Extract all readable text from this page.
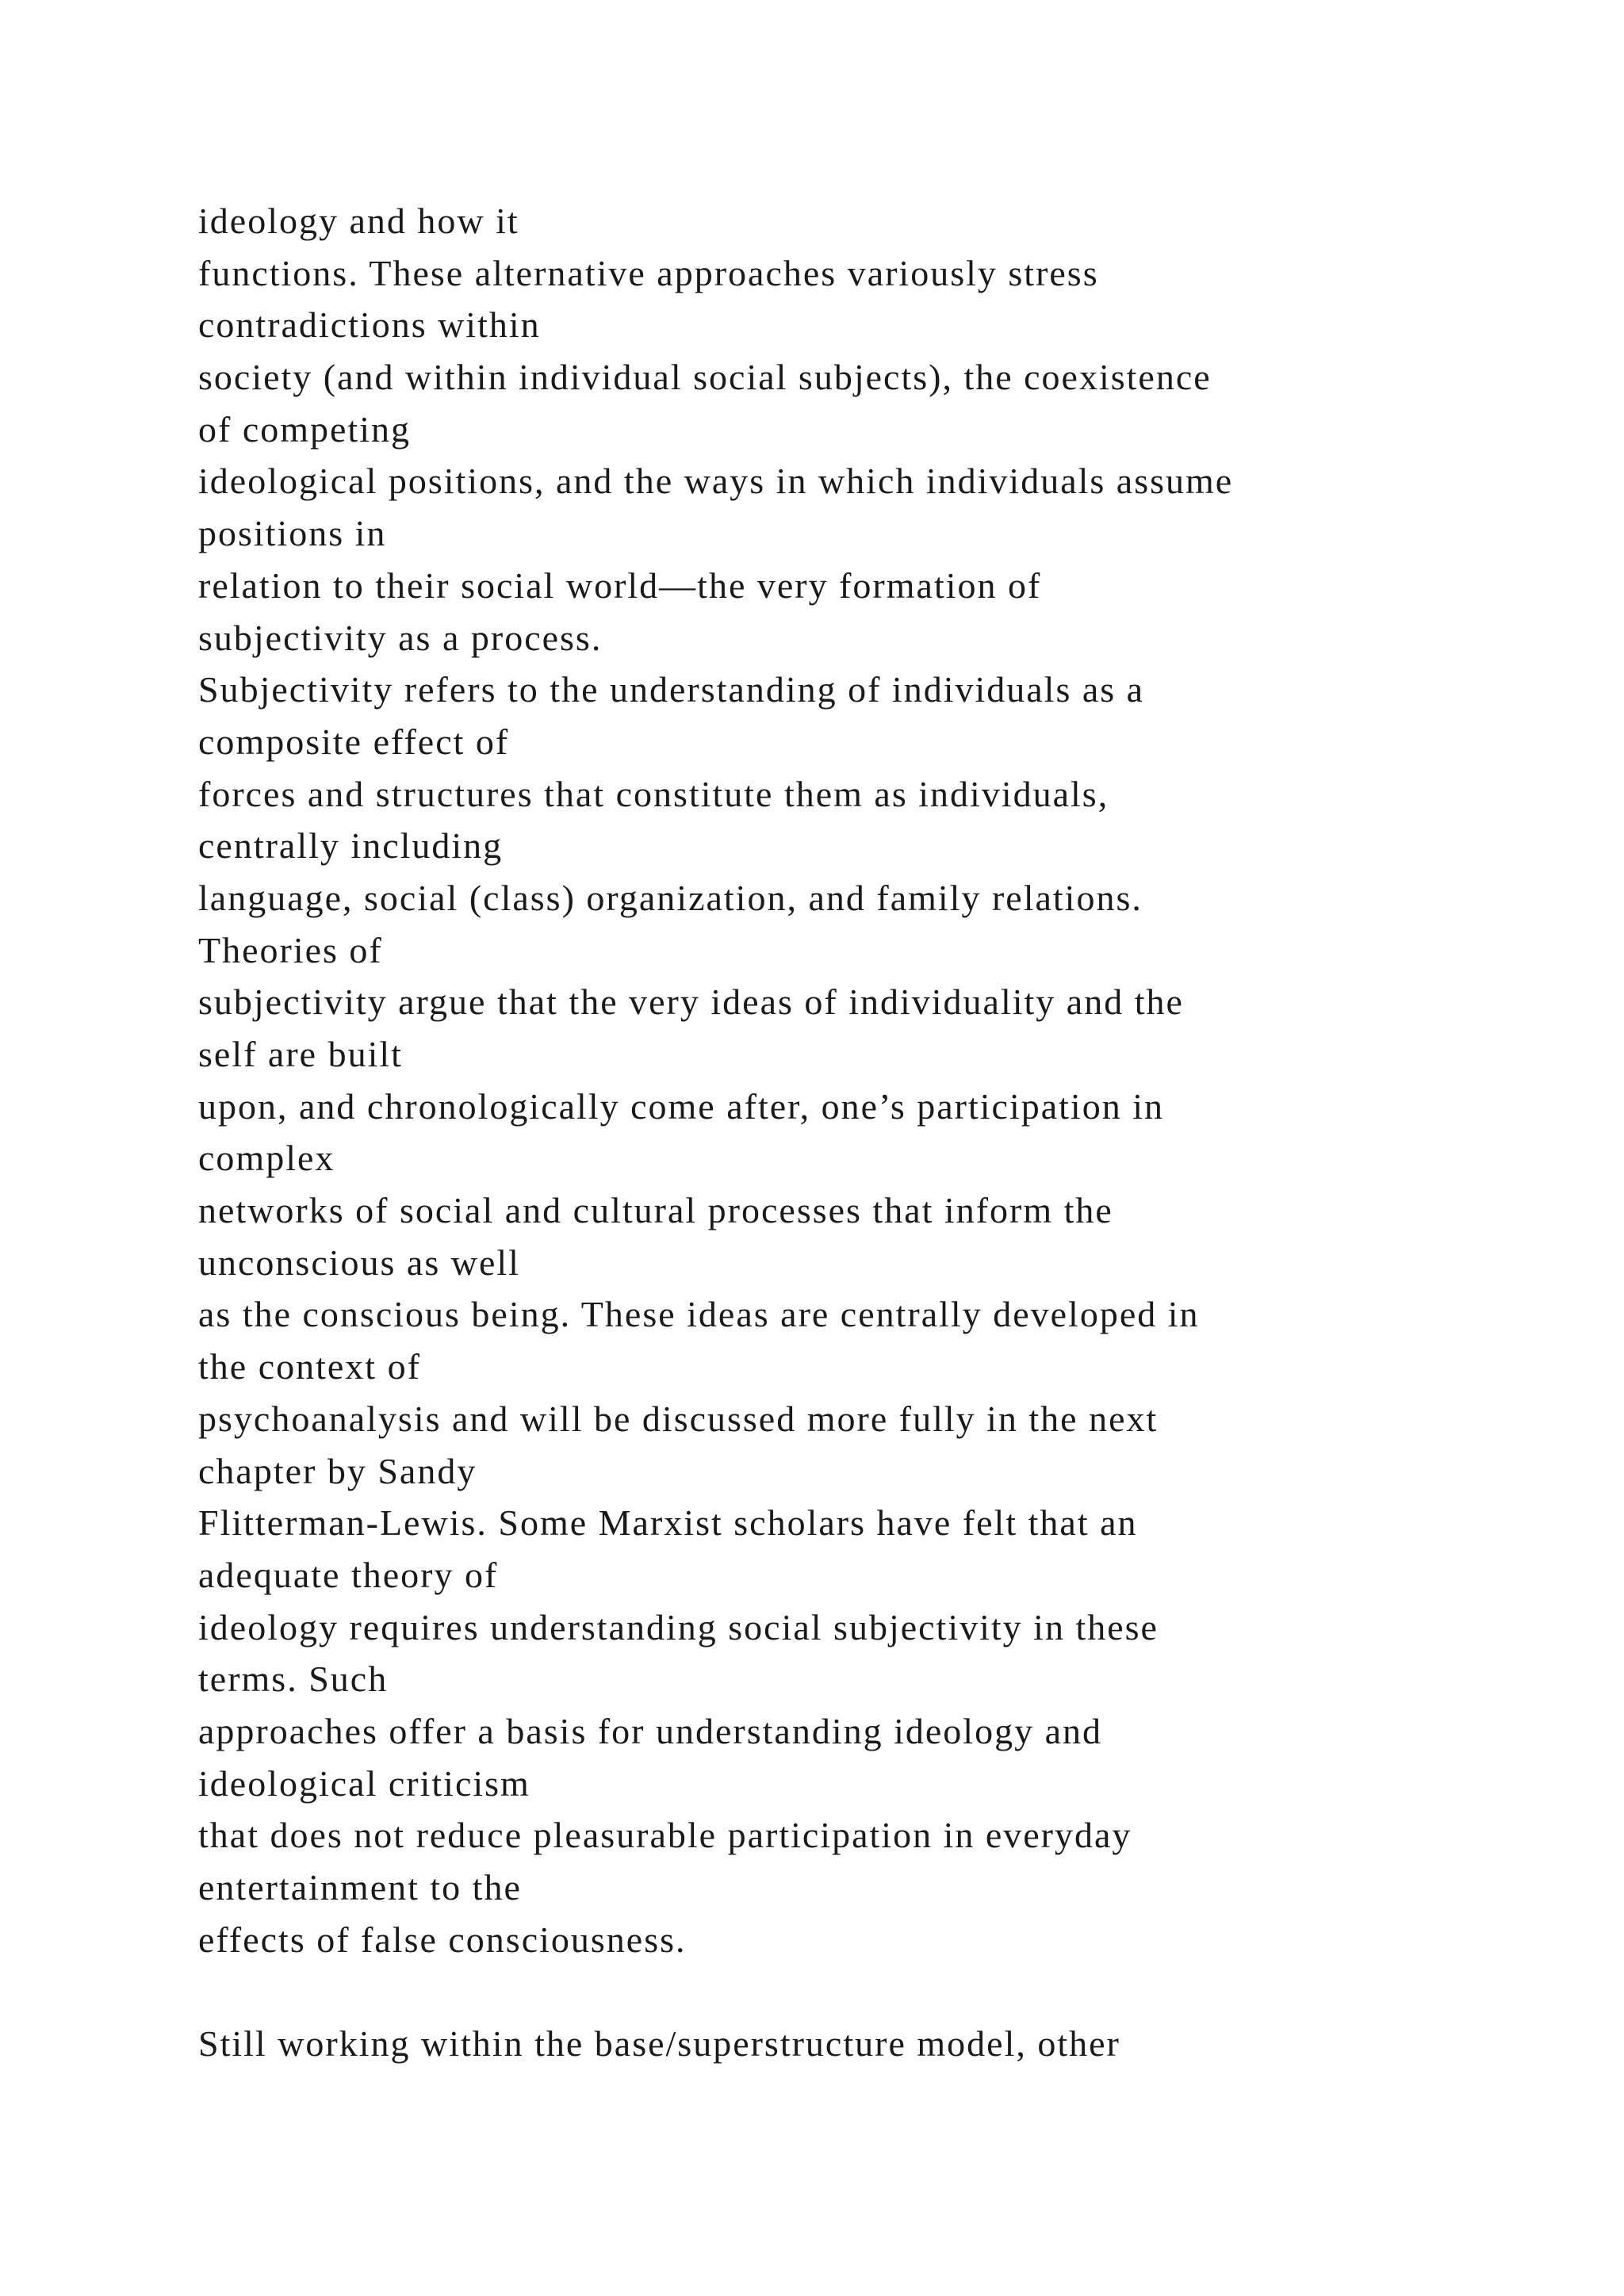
ideology and how it
functions. These alternative approaches variously stress
contradictions within
society (and within individual social subjects), the coexistence
of competing
ideological positions, and the ways in which individuals assume
positions in
relation to their social world—the very formation of
subjectivity as a process.
Subjectivity refers to the understanding of individuals as a
composite effect of
forces and structures that constitute them as individuals,
centrally including
language, social (class) organization, and family relations.
Theories of
subjectivity argue that the very ideas of individuality and the
self are built
upon, and chronologically come after, one’s participation in
complex
networks of social and cultural processes that inform the
unconscious as well
as the conscious being. These ideas are centrally developed in
the context of
psychoanalysis and will be discussed more fully in the next
chapter by Sandy
Flitterman-Lewis. Some Marxist scholars have felt that an
adequate theory of
ideology requires understanding social subjectivity in these
terms. Such
approaches offer a basis for understanding ideology and
ideological criticism
that does not reduce pleasurable participation in everyday
entertainment to the
effects of false consciousness.
Still working within the base/superstructure model, other
